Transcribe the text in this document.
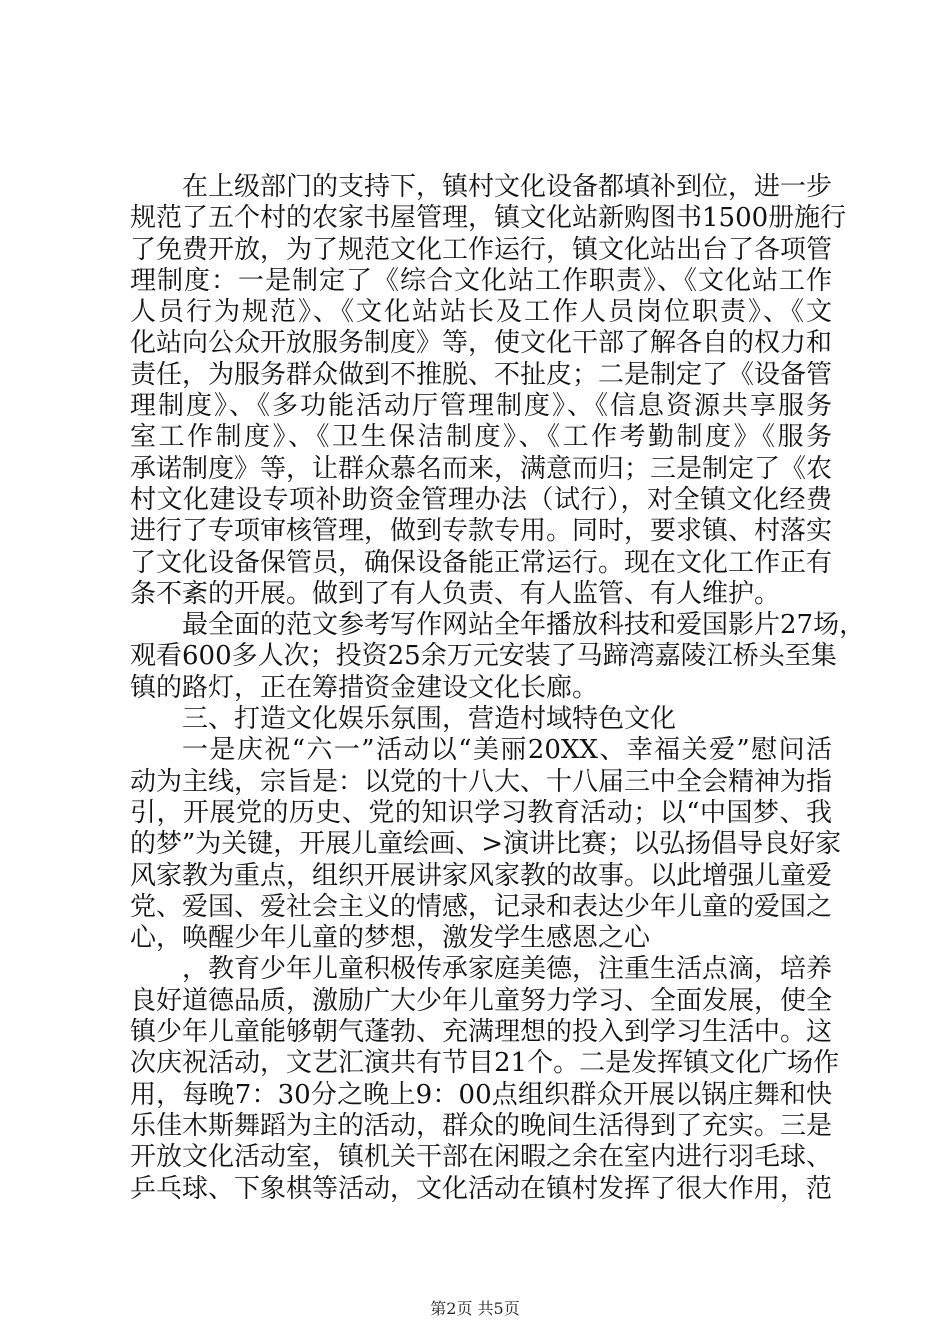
在上级部门的支持下，镇村文化设备都填补到位，进一步
规范了五个村的农家书屋管理，镇文化站新购图书1500册施行
了免费开放，为了规范文化工作运行，镇文化站出台了各项管
理制度：一是制定了《综合文化站工作职责》、《文化站工作
人员行为规范》、《文化站站长及工作人员岗位职责》、《文
化站向公众开放服务制度》等，使文化干部了解各自的权力和
责任，为服务群众做到不推脱、不扯皮；二是制定了《设备管
理制度》、《多功能活动厅管理制度》、《信息资源共享服务
室工作制度》、《卫生保洁制度》、《工作考勤制度》《服务
承诺制度》等，让群众慕名而来，满意而归；三是制定了《农
村文化建设专项补助资金管理办法（试行），对全镇文化经费
进行了专项审核管理，做到专款专用。同时，要求镇、村落实
了文化设备保管员，确保设备能正常运行。现在文化工作正有
条不紊的开展。做到了有人负责、有人监管、有人维护。
最全面的范文参考写作网站全年播放科技和爱国影片27场，
观看600多人次；投资25余万元安装了马蹄湾嘉陵江桥头至集
镇的路灯，正在筹措资金建设文化长廊。
三、打造文化娱乐氛围，营造村域特色文化
一是庆祝“六一”活动以“美丽20XX、幸福关爱”慰问活
动为主线，宗旨是：以党的十八大、十八届三中全会精神为指
引，开展党的历史、党的知识学习教育活动；以“中国梦、我
的梦”为关键，开展儿童绘画、>演讲比赛；以弘扬倡导良好家
风家教为重点，组织开展讲家风家教的故事。以此增强儿童爱
党、爱国、爱社会主义的情感，记录和表达少年儿童的爱国之
心，唤醒少年儿童的梦想，激发学生感恩之心
，教育少年儿童积极传承家庭美德，注重生活点滴，培养
良好道德品质，激励广大少年儿童努力学习、全面发展，使全
镇少年儿童能够朝气蓬勃、充满理想的投入到学习生活中。这
次庆祝活动，文艺汇演共有节目21个。二是发挥镇文化广场作
用，每晚7：30分之晚上9：00点组织群众开展以锅庄舞和快
乐佳木斯舞蹈为主的活动，群众的晚间生活得到了充实。三是
开放文化活动室，镇机关干部在闲暇之余在室内进行羽毛球、
乒乓球、下象棋等活动，文化活动在镇村发挥了很大作用，范
第2页 共5页
